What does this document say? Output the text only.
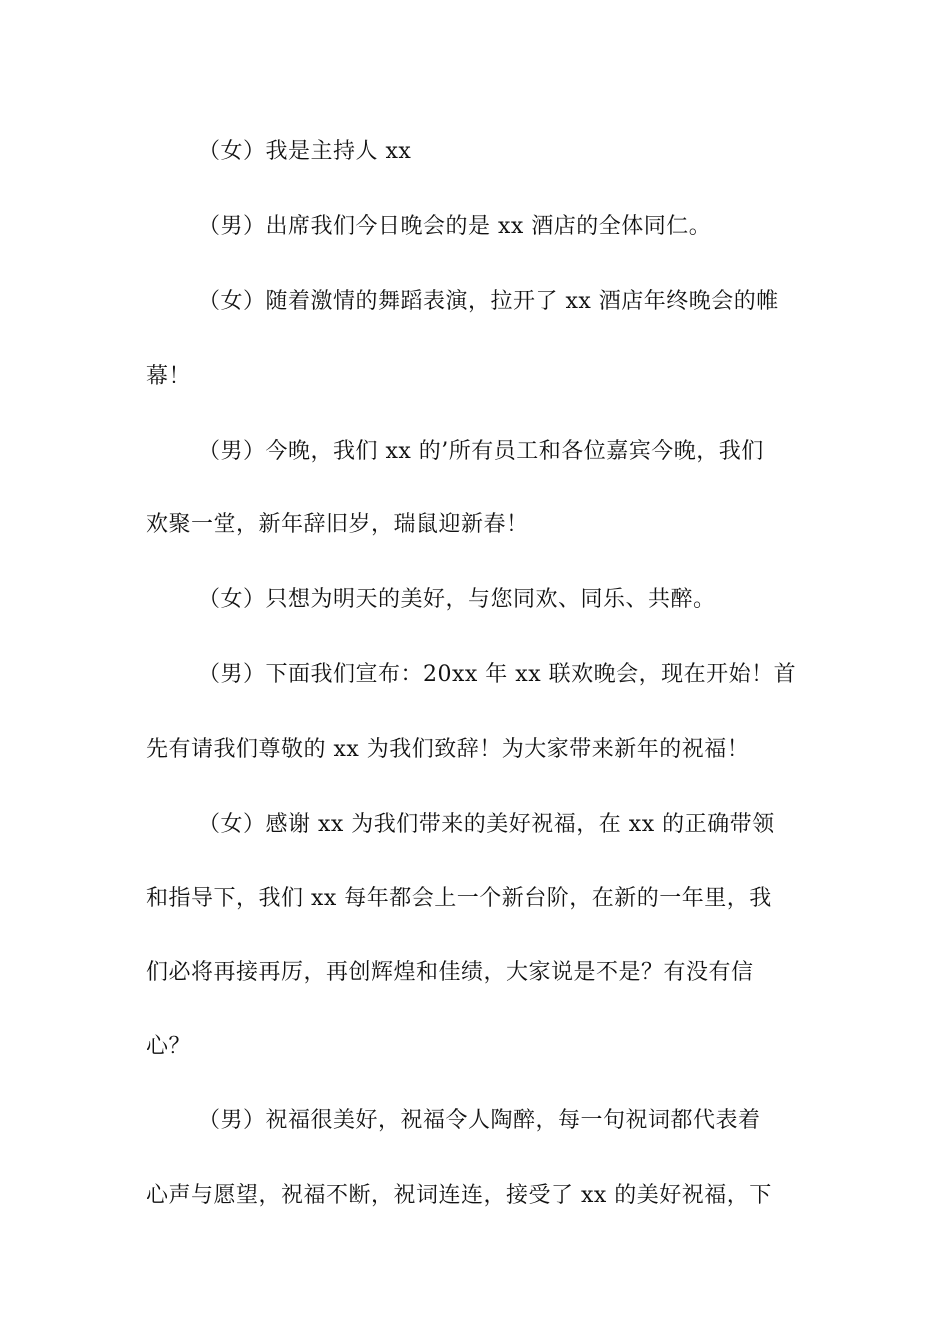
（女）我是主持人 xx
（男）出席我们今日晚会的是 xx 酒店的全体同仁。
（女）随着激情的舞蹈表演，拉开了 xx 酒店年终晚会的帷
幕！
（男）今晚，我们 xx 的’所有员工和各位嘉宾今晚，我们
欢聚一堂，新年辞旧岁，瑞鼠迎新春！
（女）只想为明天的美好，与您同欢、同乐、共醉。
（男）下面我们宣布：20xx 年 xx 联欢晚会，现在开始！首
先有请我们尊敬的 xx 为我们致辞！为大家带来新年的祝福！
（女）感谢 xx 为我们带来的美好祝福，在 xx 的正确带领
和指导下，我们 xx 每年都会上一个新台阶，在新的一年里，我
们必将再接再厉，再创辉煌和佳绩，大家说是不是？有没有信
心？
（男）祝福很美好，祝福令人陶醉，每一句祝词都代表着
心声与愿望，祝福不断，祝词连连，接受了 xx 的美好祝福，下
